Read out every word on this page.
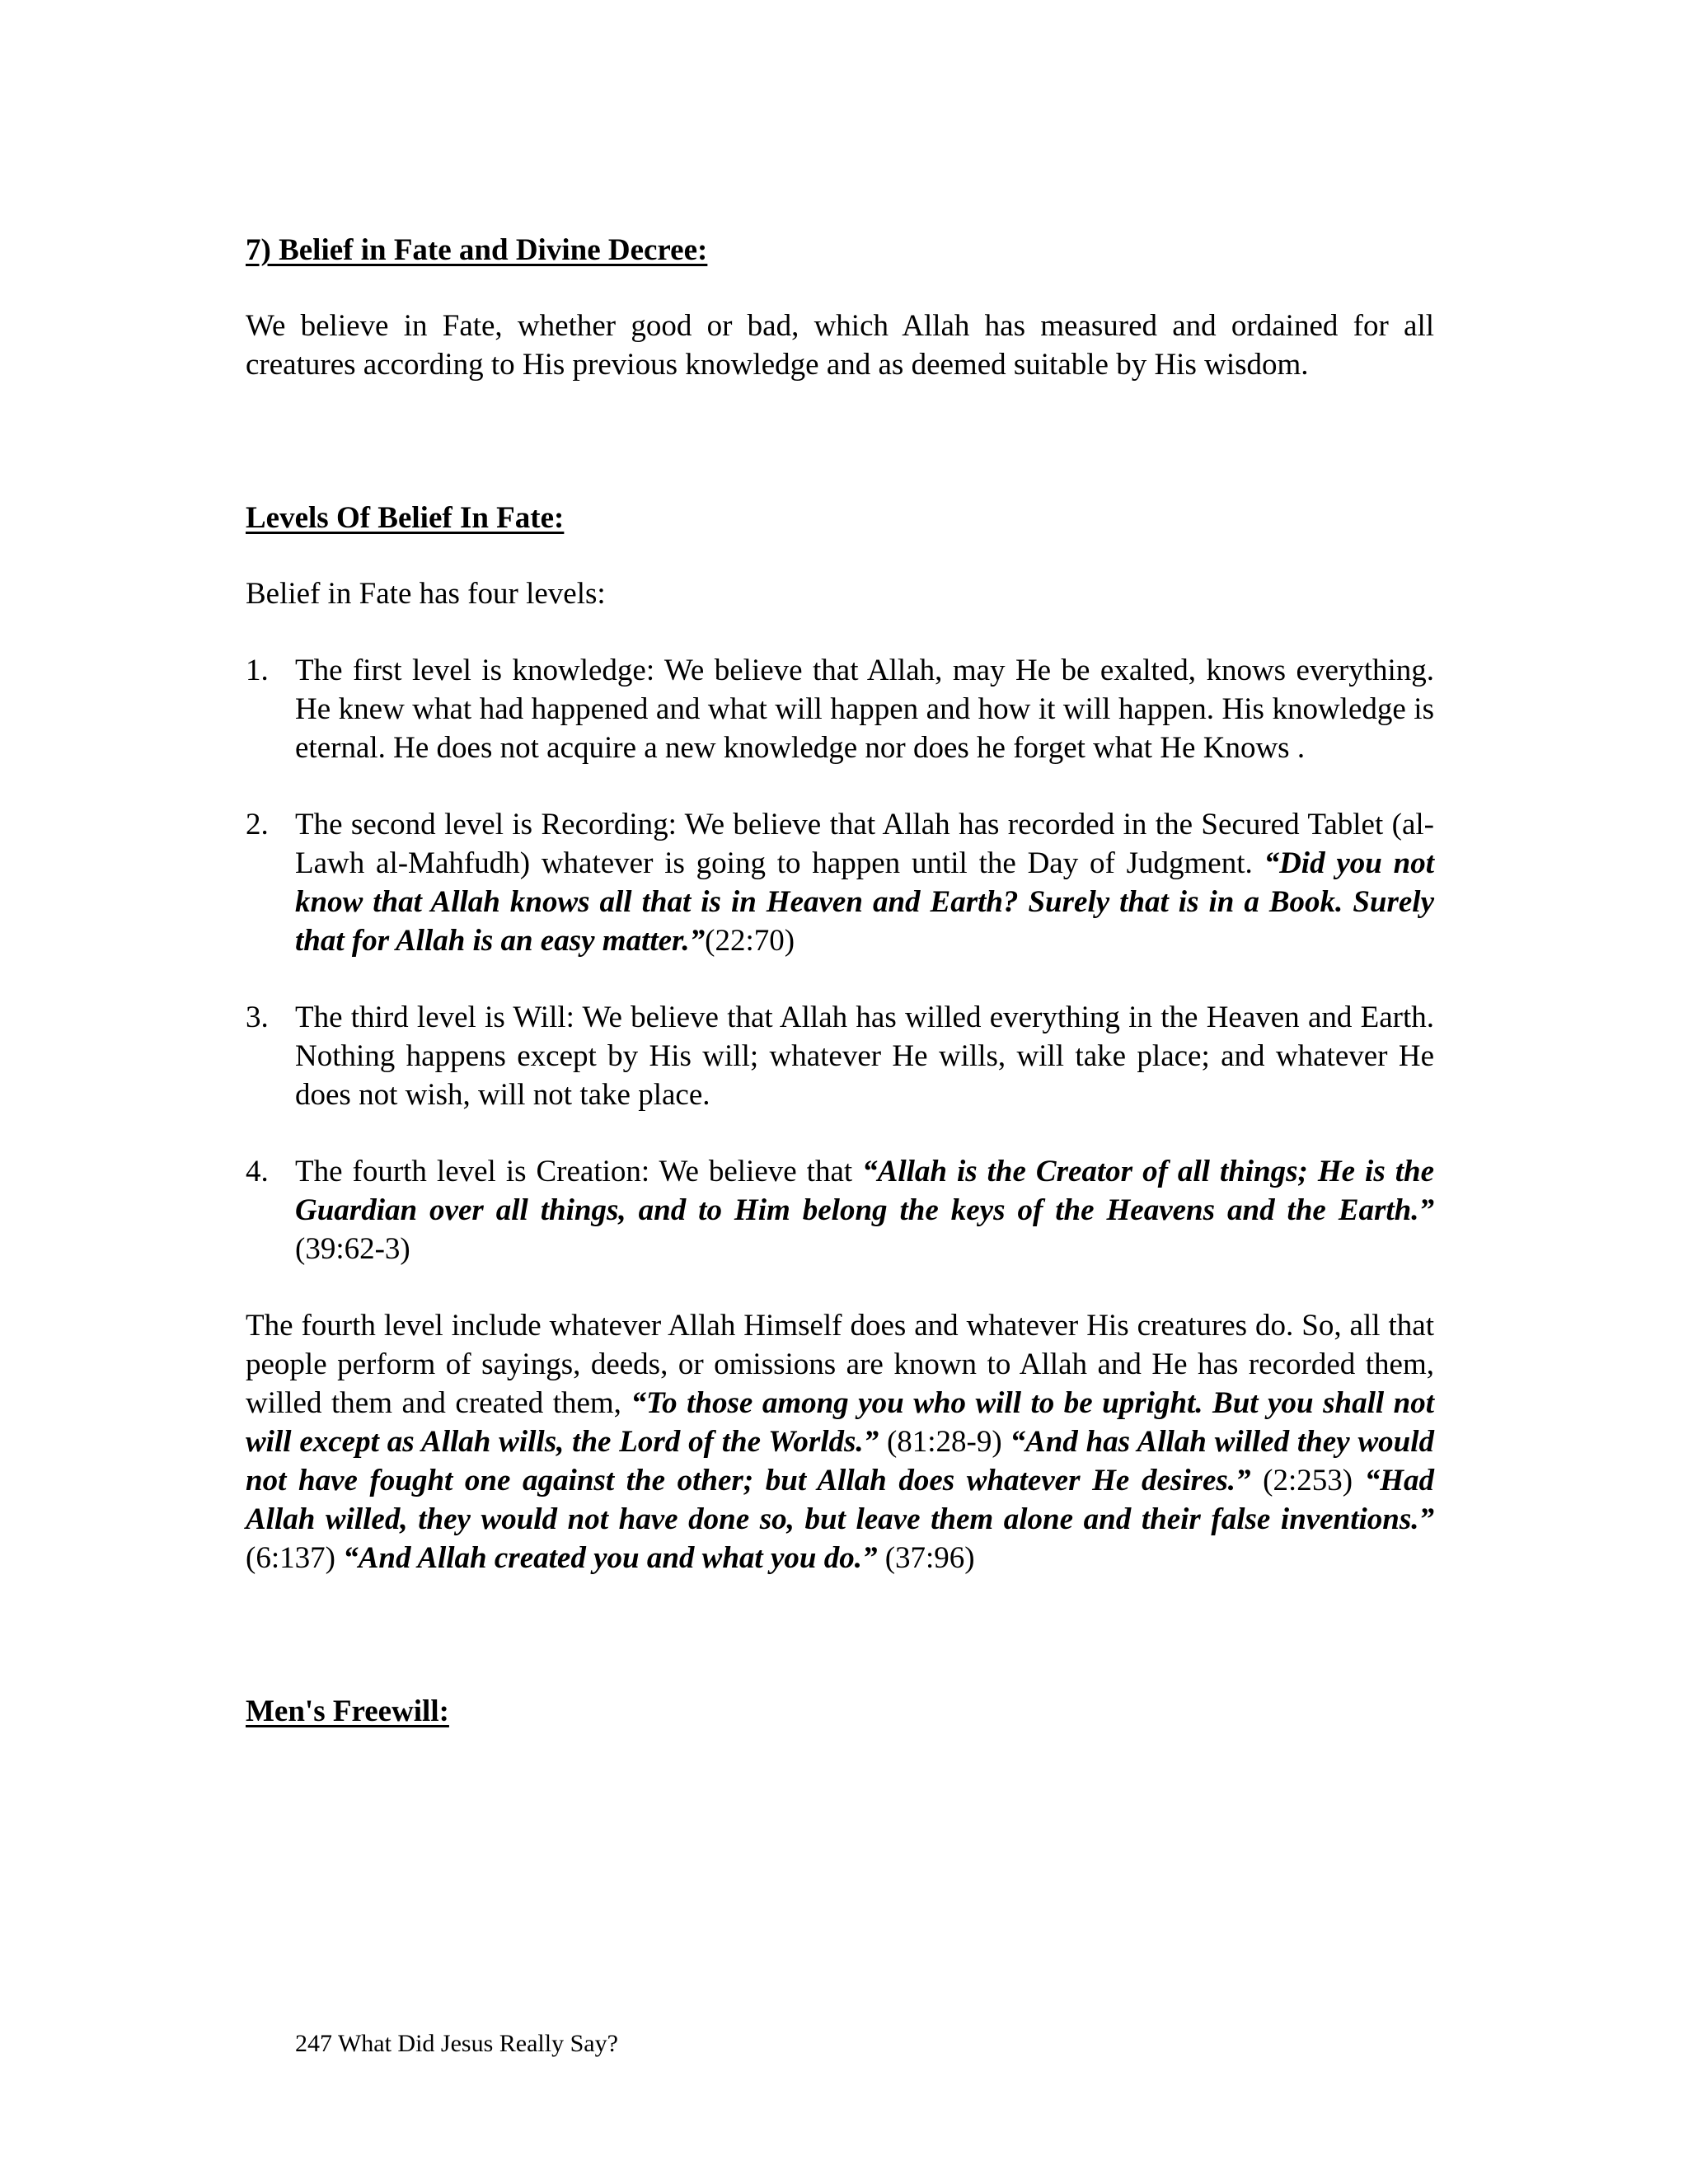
7) Belief in Fate and Divine Decree:

We believe in Fate, whether good or bad, which Allah has measured and ordained for all creatures according to His previous knowledge and as deemed suitable by His wisdom.

Levels Of Belief In Fate:

Belief in Fate has four levels:

1. The first level is knowledge: We believe that Allah, may He be exalted, knows everything. He knew what had happened and what will happen and how it will happen. His knowledge is eternal. He does not acquire a new knowledge nor does he forget what He Knows .
2. The second level is Recording: We believe that Allah has recorded in the Secured Tablet (al-Lawh al-Mahfudh) whatever is going to happen until the Day of Judgment. “Did you not know that Allah knows all that is in Heaven and Earth? Surely that is in a Book. Surely that for Allah is an easy matter.”(22:70)
3. The third level is Will: We believe that Allah has willed everything in the Heaven and Earth. Nothing happens except by His will; whatever He wills, will take place; and whatever He does not wish, will not take place.
4. The fourth level is Creation: We believe that “Allah is the Creator of all things; He is the Guardian over all things, and to Him belong the keys of the Heavens and the Earth.” (39:62-3)

The fourth level include whatever Allah Himself does and whatever His creatures do. So, all that people perform of sayings, deeds, or omissions are known to Allah and He has recorded them, willed them and created them, “To those among you who will to be upright. But you shall not will except as Allah wills, the Lord of the Worlds.” (81:28-9) “And has Allah willed they would not have fought one against the other; but Allah does whatever He desires.” (2:253) “Had Allah willed, they would not have done so, but leave them alone and their false inventions.” (6:137) “And Allah created you and what you do.” (37:96)

Men's Freewill:
247 What Did Jesus Really Say?
